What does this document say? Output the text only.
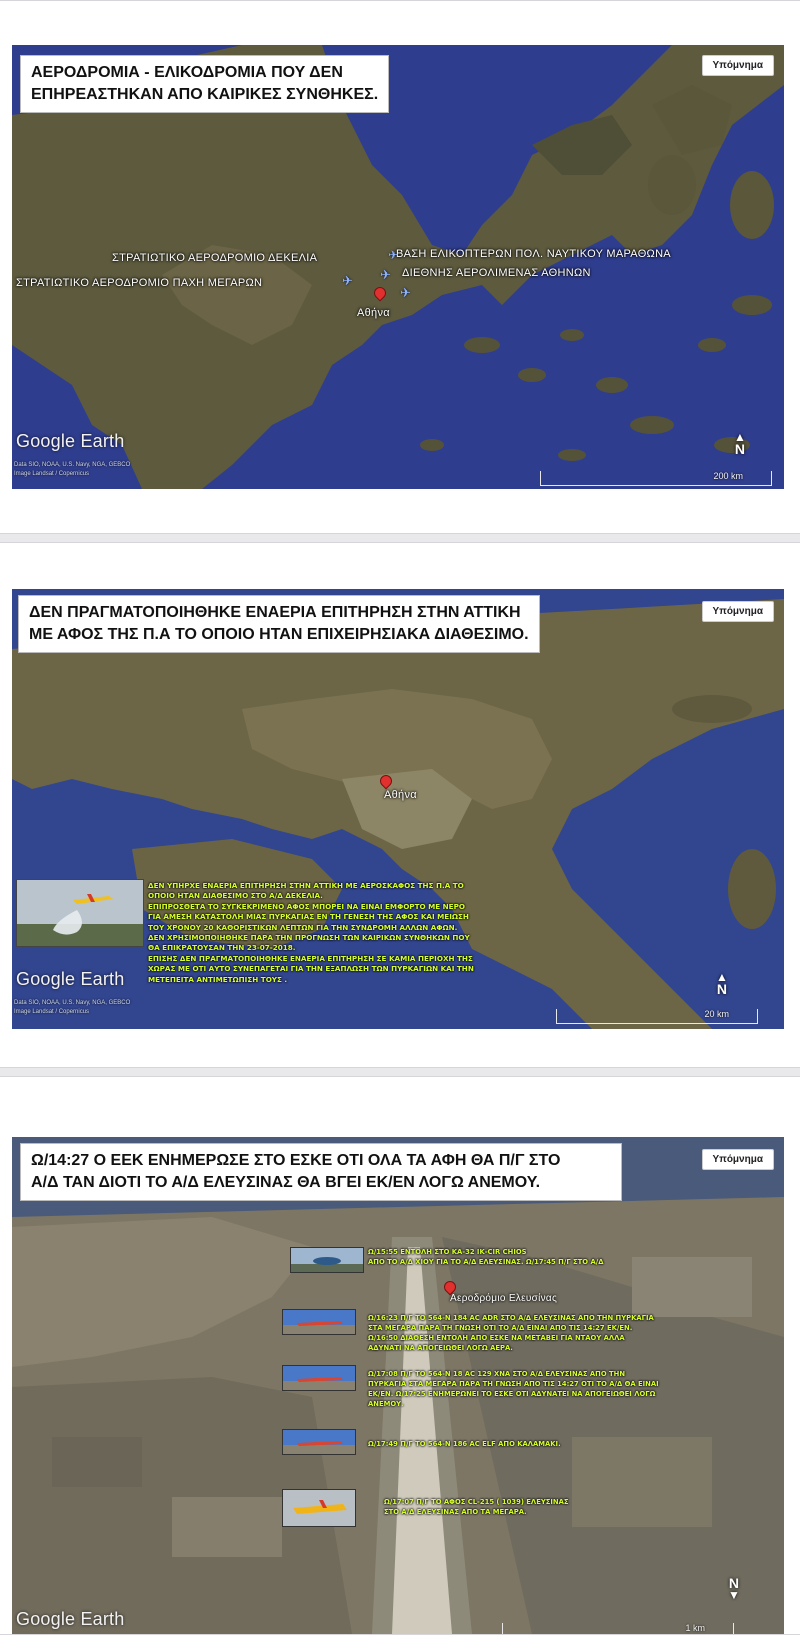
ΑΕΡΟΔΡΟΜΙΑ - ΕΛΙΚΟΔΡΟΜΙΑ ΠΟΥ ΔΕΝ
ΕΠΗΡΕΑΣΤΗΚΑΝ ΑΠΟ ΚΑΙΡΙΚΕΣ ΣΥΝΘΗΚΕΣ.
Υπόμνημα
ΣΤΡΑΤΙΩΤΙΚΟ ΑΕΡΟΔΡΟΜΙΟ ΔΕΚΕΛΙΑ
ΣΤΡΑΤΙΩΤΙΚΟ ΑΕΡΟΔΡΟΜΙΟ ΠΑΧΗ ΜΕΓΑΡΩΝ
ΒΑΣΗ ΕΛΙΚΟΠΤΕΡΩΝ ΠΟΛ. ΝΑΥΤΙΚΟΥ ΜΑΡΑΘΩΝΑ
ΔΙΕΘΝΗΣ ΑΕΡΟΛΙΜΕΝΑΣ ΑΘΗΝΩΝ
Αθήνα
✈ ✈
✈
✈
Google Earth
Data SIO, NOAA, U.S. Navy, NGA, GEBCO
Image Landsat / Copernicus	200 km
▲
N
ΔΕΝ ΠΡΑΓΜΑΤΟΠΟΙΗΘΗΚΕ ΕΝΑΕΡΙΑ ΕΠΙΤΗΡΗΣΗ ΣΤΗΝ ΑΤΤΙΚΗ
ΜΕ ΑΦΟΣ ΤΗΣ Π.Α ΤΟ ΟΠΟΙΟ ΗΤΑΝ ΕΠΙΧΕΙΡΗΣΙΑΚΑ ΔΙΑΘΕΣΙΜΟ.
Υπόμνημα
Αθήνα
ΔΕΝ ΥΠΗΡΧΕ ΕΝΑΕΡΙΑ ΕΠΙΤΗΡΗΣΗ ΣΤΗΝ ΑΤΤΙΚΗ ΜΕ ΑΕΡΟΣΚΑΦΟΣ ΤΗΣ Π.Α ΤΟ
ΟΠΟΙΟ ΗΤΑΝ ΔΙΑΘΕΣΙΜΟ ΣΤΟ Α/Δ ΔΕΚΕΛΙΑ.
ΕΠΙΠΡΟΣΘΕΤΑ ΤΟ ΣΥΓΚΕΚΡΙΜΕΝΟ ΑΦΟΣ ΜΠΟΡΕΙ ΝΑ ΕΙΝΑΙ ΕΜΦΟΡΤΟ ΜΕ ΝΕΡΟ
ΓΙΑ ΑΜΕΣΗ ΚΑΤΑΣΤΟΛΗ ΜΙΑΣ ΠΥΡΚΑΓΙΑΣ ΕΝ ΤΗ ΓΕΝΕΣΗ ΤΗΣ ΑΦΟΣ ΚΑΙ ΜΕΙΩΣΗ
ΤΟΥ ΧΡΟΝΟΥ 20 ΚΑΘΟΡΙΣΤΙΚΩΝ ΛΕΠΤΩΝ ΓΙΑ ΤΗΝ ΣΥΝΔΡΟΜΗ ΑΛΛΩΝ ΑΦΩΝ.
ΔΕΝ ΧΡΗΣΙΜΟΠΟΙΗΘΗΚΕ ΠΑΡΑ ΤΗΝ ΠΡΟΓΝΩΣΗ ΤΩΝ ΚΑΙΡΙΚΩΝ ΣΥΝΘΗΚΩΝ ΠΟΥ
ΘΑ ΕΠΙΚΡΑΤΟΥΣΑΝ ΤΗΝ 23-07-2018.
ΕΠΙΣΗΣ ΔΕΝ ΠΡΑΓΜΑΤΟΠΟΙΗΘΗΚΕ ΕΝΑΕΡΙΑ ΕΠΙΤΗΡΗΣΗ ΣΕ ΚΑΜΙΑ ΠΕΡΙΟΧΗ ΤΗΣ
ΧΩΡΑΣ ΜΕ ΟΤΙ ΑΥΤΟ ΣΥΝΕΠΑΓΕΤΑΙ ΓΙΑ ΤΗΝ ΕΞΑΠΛΩΣΗ ΤΩΝ ΠΥΡΚΑΓΙΩΝ ΚΑΙ ΤΗΝ
ΜΕΤΕΠΕΙΤΑ ΑΝΤΙΜΕΤΩΠΙΣΗ ΤΟΥΣ .
Google Earth
Data SIO, NOAA, U.S. Navy, NGA, GEBCO
Image Landsat / Copernicus	20 km
▲
N
Ω/14:27 Ο ΕΕΚ ΕΝΗΜΕΡΩΣΕ ΣΤΟ ΕΣΚΕ ΟΤΙ ΟΛΑ ΤΑ ΑΦΗ ΘΑ Π/Γ ΣΤΟ
Α/Δ ΤΑΝ ΔΙΟΤΙ ΤΟ Α/Δ ΕΛΕΥΣΙΝΑΣ ΘΑ ΒΓΕΙ ΕΚ/ΕΝ ΛΟΓΩ ΑΝΕΜΟΥ.
Υπόμνημα
Αεροδρόμιο Ελευσίνας
Ω/15:55 ΕΝΤΟΛΗ ΣΤΟ ΚΑ-32 ΙΚ-CIR CHIOS
ΑΠΟ ΤΟ Α/Δ ΧΙΟΥ ΓΙΑ ΤΟ Α/Δ ΕΛΕΥΣΙΝΑΣ. Ω/17:45 Π/Γ ΣΤΟ Α/Δ
Ω/16:23 Π/Γ ΤΟ 564-Ν 184 ΑC ADR ΣΤΟ Α/Δ ΕΛΕΥΣΙΝΑΣ ΑΠΟ ΤΗΝ ΠΥΡΚΑΓΙΑ
ΣΤΑ ΜΕΓΑΡΑ ΠΑΡΑ ΤΗ ΓΝΩΣΗ ΟΤΙ ΤΟ Α/Δ ΕΙΝΑΙ ΑΠΟ ΤΙΣ 14:27 ΕΚ/ΕΝ.
Ω/16:50 ΔΙΑΘΕΣΗ ΕΝΤΟΛΗ ΑΠΟ ΕΣΚΕ ΝΑ ΜΕΤΑΒΕΙ ΓΙΑ ΝΤΑΟΥ ΑΛΛΑ
ΑΔΥΝΑΤΙ ΝΑ ΑΠΟΓΕΙΩΘΕΙ ΛΟΓΩ ΑΕΡΑ.
Ω/17:08 Π/Γ ΤΟ 564-Ν 18 ΑC 129 ΧΝΑ ΣΤΟ Α/Δ ΕΛΕΥΣΙΝΑΣ ΑΠΟ ΤΗΝ
ΠΥΡΚΑΓΙΑ ΣΤΑ ΜΕΓΑΡΑ ΠΑΡΑ ΤΗ ΓΝΩΣΗ ΑΠΟ ΤΙΣ 14:27 ΟΤΙ ΤΟ Α/Δ ΘΑ ΕΙΝΑΙ
ΕΚ/ΕΝ. Ω/17:25 ΕΝΗΜΕΡΩΝΕΙ ΤΟ ΕΣΚΕ ΟΤΙ ΑΔΥΝΑΤΕΙ ΝΑ ΑΠΟΓΕΙΩΘΕΙ ΛΟΓΩ
ΑΝΕΜΟΥ.
Ω/17:49 Π/Γ ΤΟ 564-Ν 186 ΑC ELF ΑΠΟ ΚΑΛΑΜΑΚΙ.
Ω/17:07 Π/Γ ΤΟ ΑΦΟΣ CL-215 ( 1039) ΕΛΕΥΣΙΝΑΣ
ΣΤΟ Α/Δ ΕΛΕΥΣΙΝΑΣ ΑΠΟ ΤΑ ΜΕΓΑΡΑ.
Google Earth	1 km
N
▼
